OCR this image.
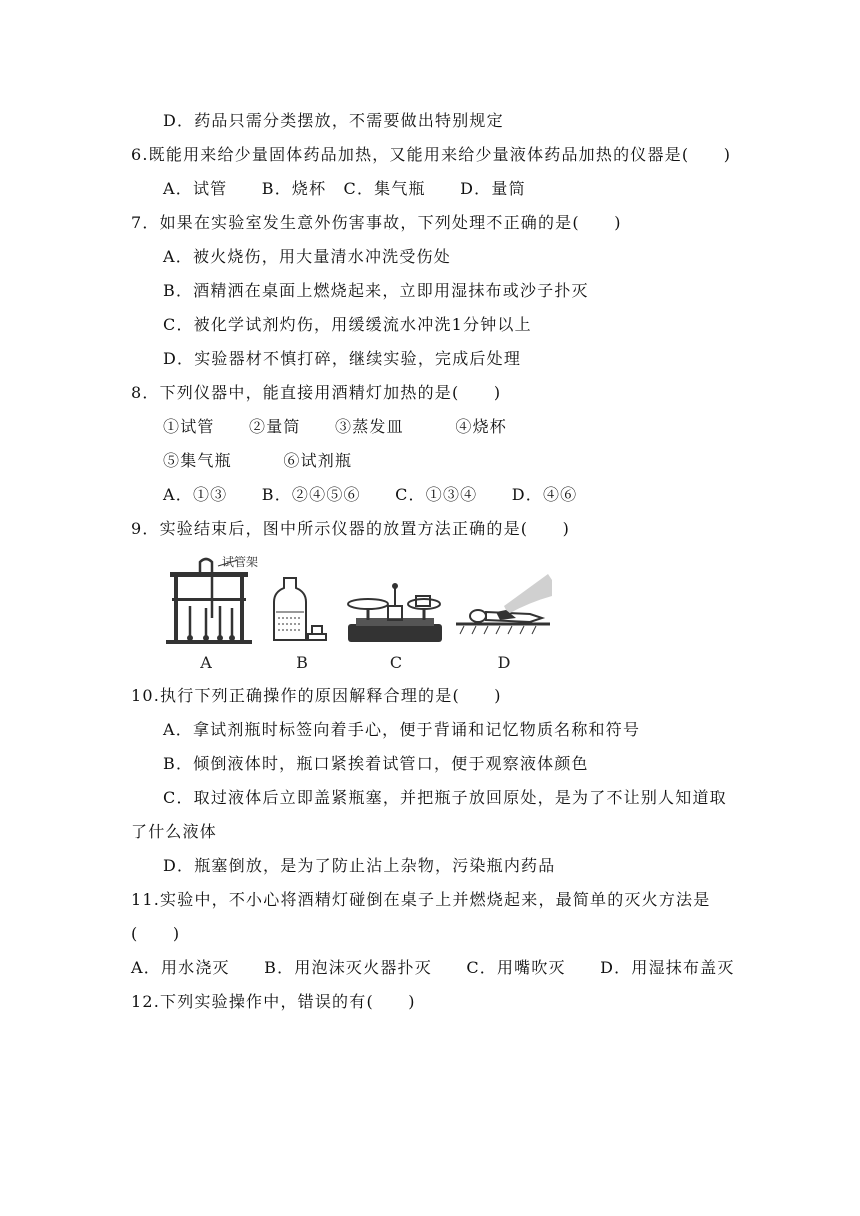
D．药品只需分类摆放，不需要做出特别规定
6.既能用来给少量固体药品加热，又能用来给少量液体药品加热的仪器是(　　)
A．试管　　B．烧杯　C．集气瓶　　D．量筒
7．如果在实验室发生意外伤害事故，下列处理不正确的是(　　)
A．被火烧伤，用大量清水冲洗受伤处
B．酒精洒在桌面上燃烧起来，立即用湿抹布或沙子扑灭
C．被化学试剂灼伤，用缓缓流水冲洗1分钟以上
D．实验器材不慎打碎，继续实验，完成后处理
8．下列仪器中，能直接用酒精灯加热的是(　　)
①试管　　②量筒　　③蒸发皿　　　④烧杯
⑤集气瓶　　　⑥试剂瓶
A．①③　　B．②④⑤⑥　　C．①③④　　D．④⑥
9．实验结束后，图中所示仪器的放置方法正确的是(　　)
试管架
A	B	C	D
10.执行下列正确操作的原因解释合理的是(　　)
A．拿试剂瓶时标签向着手心，便于背诵和记忆物质名称和符号
B．倾倒液体时，瓶口紧挨着试管口，便于观察液体颜色
C．取过液体后立即盖紧瓶塞，并把瓶子放回原处，是为了不让别人知道取
了什么液体
D．瓶塞倒放，是为了防止沾上杂物，污染瓶内药品
11.实验中，不小心将酒精灯碰倒在桌子上并燃烧起来，最简单的灭火方法是
(　　)
A．用水浇灭　　B．用泡沫灭火器扑灭　　C．用嘴吹灭　　D．用湿抹布盖灭
12.下列实验操作中，错误的有(　　)
